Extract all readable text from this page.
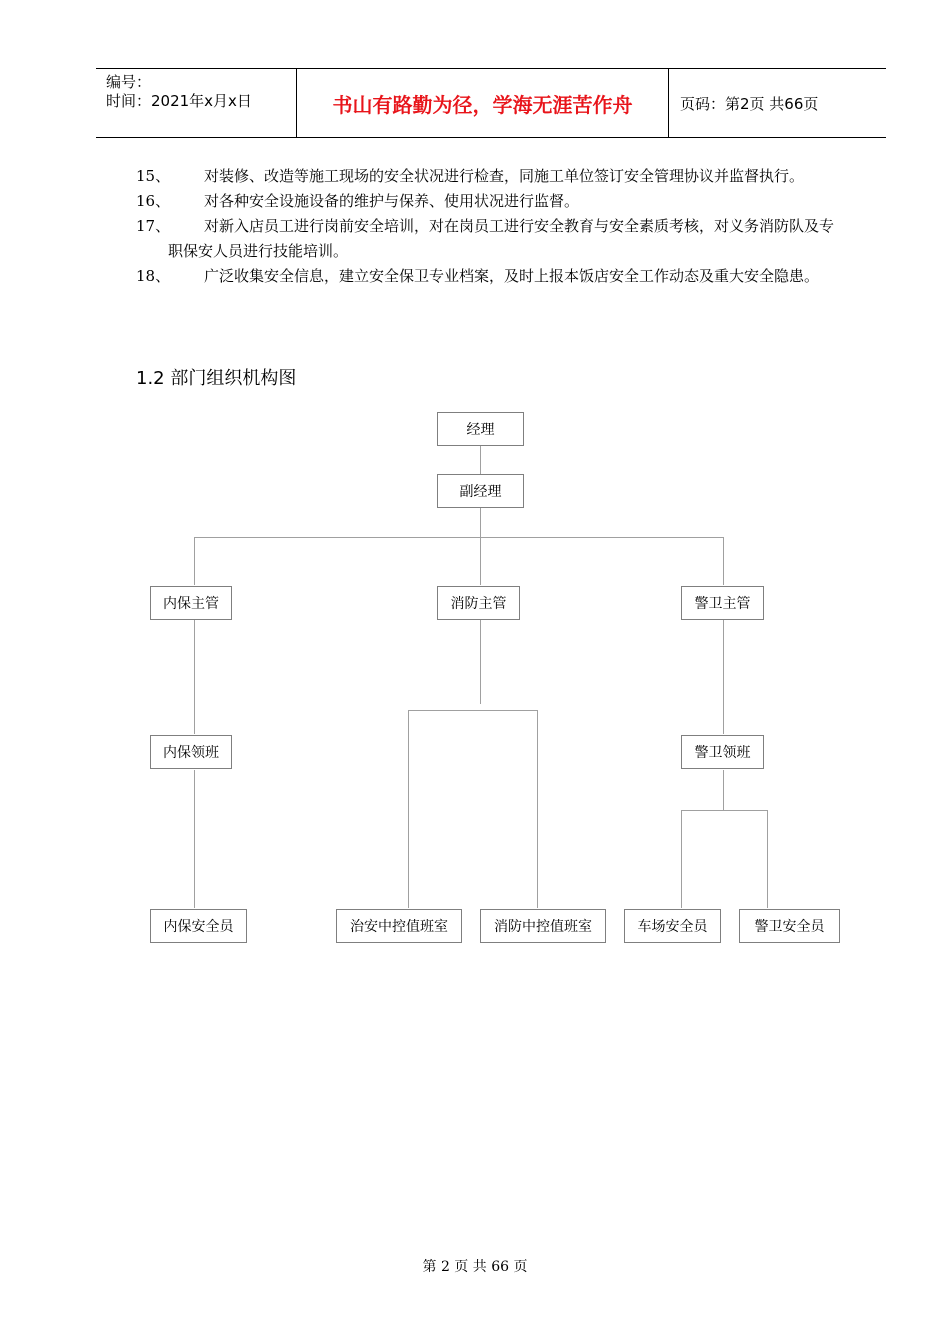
编号：
时间：2021年x月x日	书山有路勤为径，学海无涯苦作舟	页码：第2页 共66页
15、	对装修、改造等施工现场的安全状况进行检查，同施工单位签订安全管理协议并监督执行。
16、	对各种安全设施设备的维护与保养、使用状况进行监督。
17、	对新入店员工进行岗前安全培训，对在岗员工进行安全教育与安全素质考核，对义务消防队及专职保安人员进行技能培训。
18、	广泛收集安全信息，建立安全保卫专业档案，及时上报本饭店安全工作动态及重大安全隐患。
1.2 部门组织机构图
经理
副经理
内保主管	消防主管	警卫主管
内保领班	警卫领班
内保安全员	治安中控值班室	消防中控值班室	车场安全员	警卫安全员
第 2 页 共 66 页
